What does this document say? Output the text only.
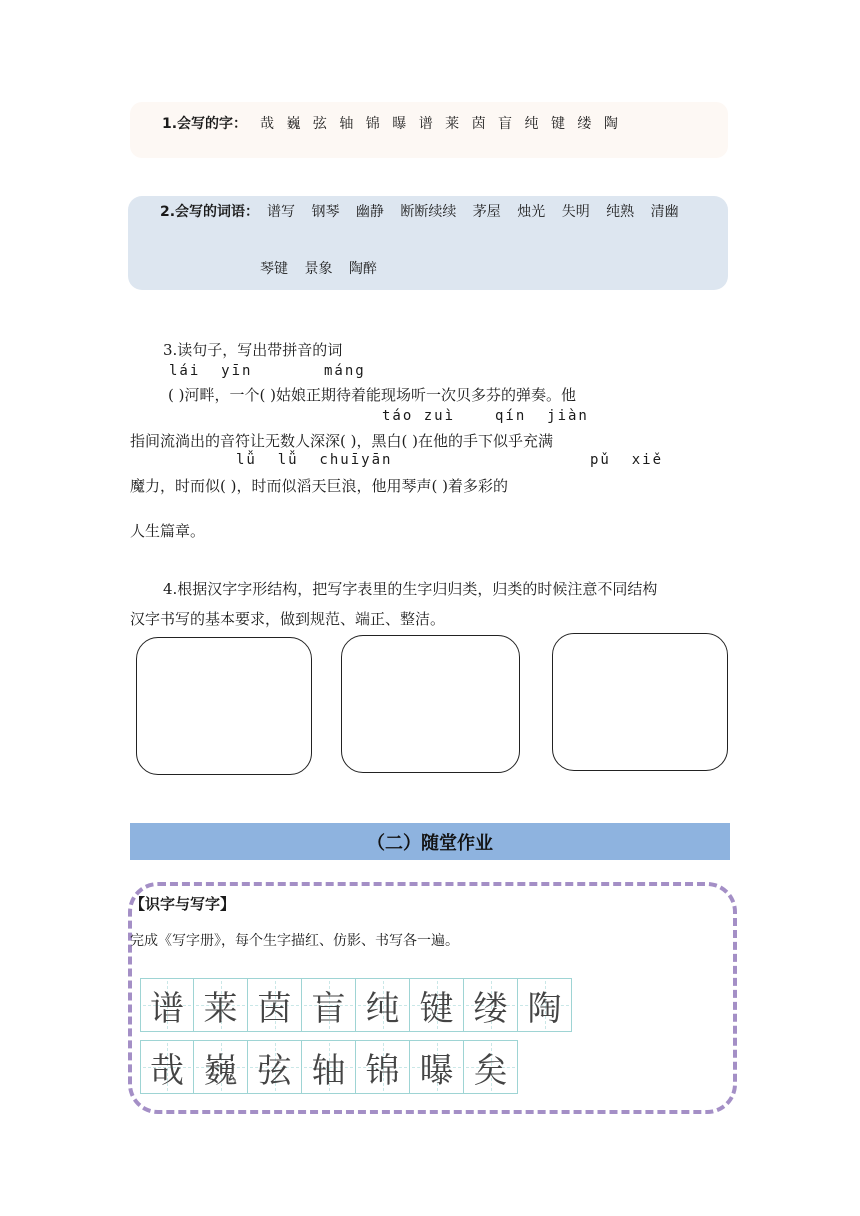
1.会写的字： 哉 巍 弦 轴 锦 曝 谱 莱 茵 盲 纯 键 缕 陶
2.会写的词语： 谱写 钢琴 幽静 断断续续 茅屋 烛光 失明 纯熟 清幽
琴键 景象 陶醉
3.读句子，写出带拼音的词
lái  yīn	máng
( )河畔，一个( )姑娘正期待着能现场听一次贝多芬的弹奏。他
táo zuì	qín  jiàn
指间流淌出的音符让无数人深深( )，黑白( )在他的手下似乎充满
lǚ  lǚ  chuīyān	pǔ  xiě
魔力，时而似( )，时而似滔天巨浪，他用琴声( )着多彩的
人生篇章。
4.根据汉字字形结构，把写字表里的生字归归类，归类的时候注意不同结构
汉字书写的基本要求，做到规范、端正、整洁。
（二）随堂作业
【识字与写字】
完成《写字册》，每个生字描红、仿影、书写各一遍。
谱 莱 茵 盲 纯 键 缕 陶
哉 巍 弦 轴 锦 曝 矣
